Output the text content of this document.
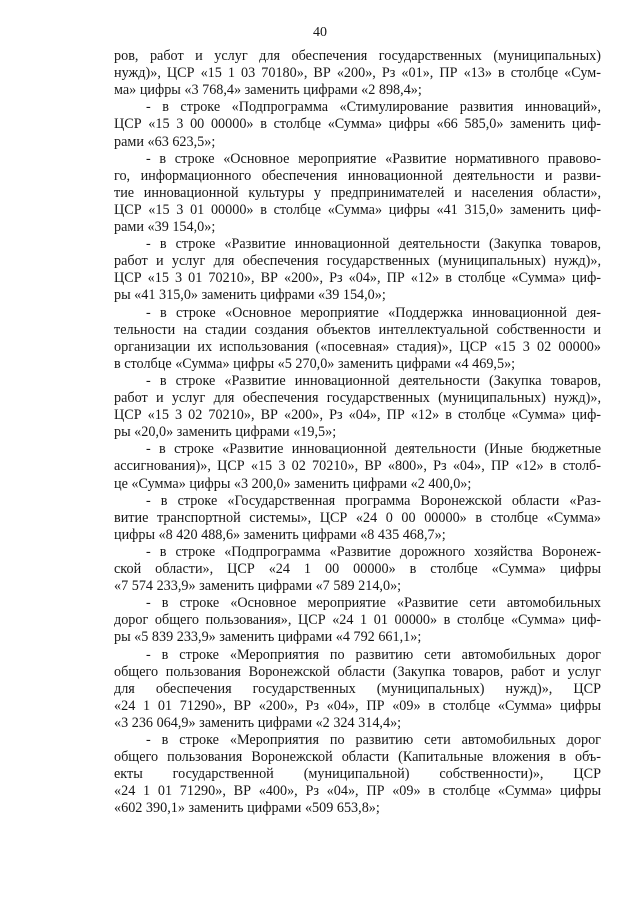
40
ров, работ и услуг для обеспечения государственных (муниципальных)
нужд)», ЦСР «15 1 03 70180», ВР «200», Рз «01», ПР «13» в столбце «Сум-
ма» цифры «3 768,4» заменить цифрами «2 898,4»;
- в строке «Подпрограмма «Стимулирование развития инноваций»,
ЦСР «15 3 00 00000» в столбце «Сумма» цифры «66 585,0» заменить циф-
рами «63 623,5»;
- в строке «Основное мероприятие «Развитие нормативного правово-
го, информационного обеспечения инновационной деятельности и разви-
тие инновационной культуры у предпринимателей и населения области»,
ЦСР «15 3 01 00000» в столбце «Сумма» цифры «41 315,0» заменить циф-
рами «39 154,0»;
- в строке «Развитие инновационной деятельности (Закупка товаров,
работ и услуг для обеспечения государственных (муниципальных) нужд)»,
ЦСР «15 3 01 70210», ВР «200», Рз «04», ПР «12» в столбце «Сумма» циф-
ры «41 315,0» заменить цифрами «39 154,0»;
- в строке «Основное мероприятие «Поддержка инновационной дея-
тельности на стадии создания объектов интеллектуальной собственности и
организации их использования («посевная» стадия)», ЦСР «15 3 02 00000»
в столбце «Сумма» цифры «5 270,0» заменить цифрами «4 469,5»;
- в строке «Развитие инновационной деятельности (Закупка товаров,
работ и услуг для обеспечения государственных (муниципальных) нужд)»,
ЦСР «15 3 02 70210», ВР «200», Рз «04», ПР «12» в столбце «Сумма» циф-
ры «20,0» заменить цифрами «19,5»;
- в строке «Развитие инновационной деятельности (Иные бюджетные
ассигнования)», ЦСР «15 3 02 70210», ВР «800», Рз «04», ПР «12» в столб-
це «Сумма» цифры «3 200,0» заменить цифрами «2 400,0»;
- в строке «Государственная программа Воронежской области «Раз-
витие транспортной системы», ЦСР «24 0 00 00000» в столбце «Сумма»
цифры «8 420 488,6» заменить цифрами «8 435 468,7»;
- в строке «Подпрограмма «Развитие дорожного хозяйства Воронеж-
ской области», ЦСР «24 1 00 00000» в столбце «Сумма» цифры
«7 574 233,9» заменить цифрами «7 589 214,0»;
- в строке «Основное мероприятие «Развитие сети автомобильных
дорог общего пользования», ЦСР «24 1 01 00000» в столбце «Сумма» циф-
ры «5 839 233,9» заменить цифрами «4 792 661,1»;
- в строке «Мероприятия по развитию сети автомобильных дорог
общего пользования Воронежской области (Закупка товаров, работ и услуг
для обеспечения государственных (муниципальных) нужд)», ЦСР
«24 1 01 71290», ВР «200», Рз «04», ПР «09» в столбце «Сумма» цифры
«3 236 064,9» заменить цифрами «2 324 314,4»;
- в строке «Мероприятия по развитию сети автомобильных дорог
общего пользования Воронежской области (Капитальные вложения в объ-
екты государственной (муниципальной) собственности)», ЦСР
«24 1 01 71290», ВР «400», Рз «04», ПР «09» в столбце «Сумма» цифры
«602 390,1» заменить цифрами «509 653,8»;
